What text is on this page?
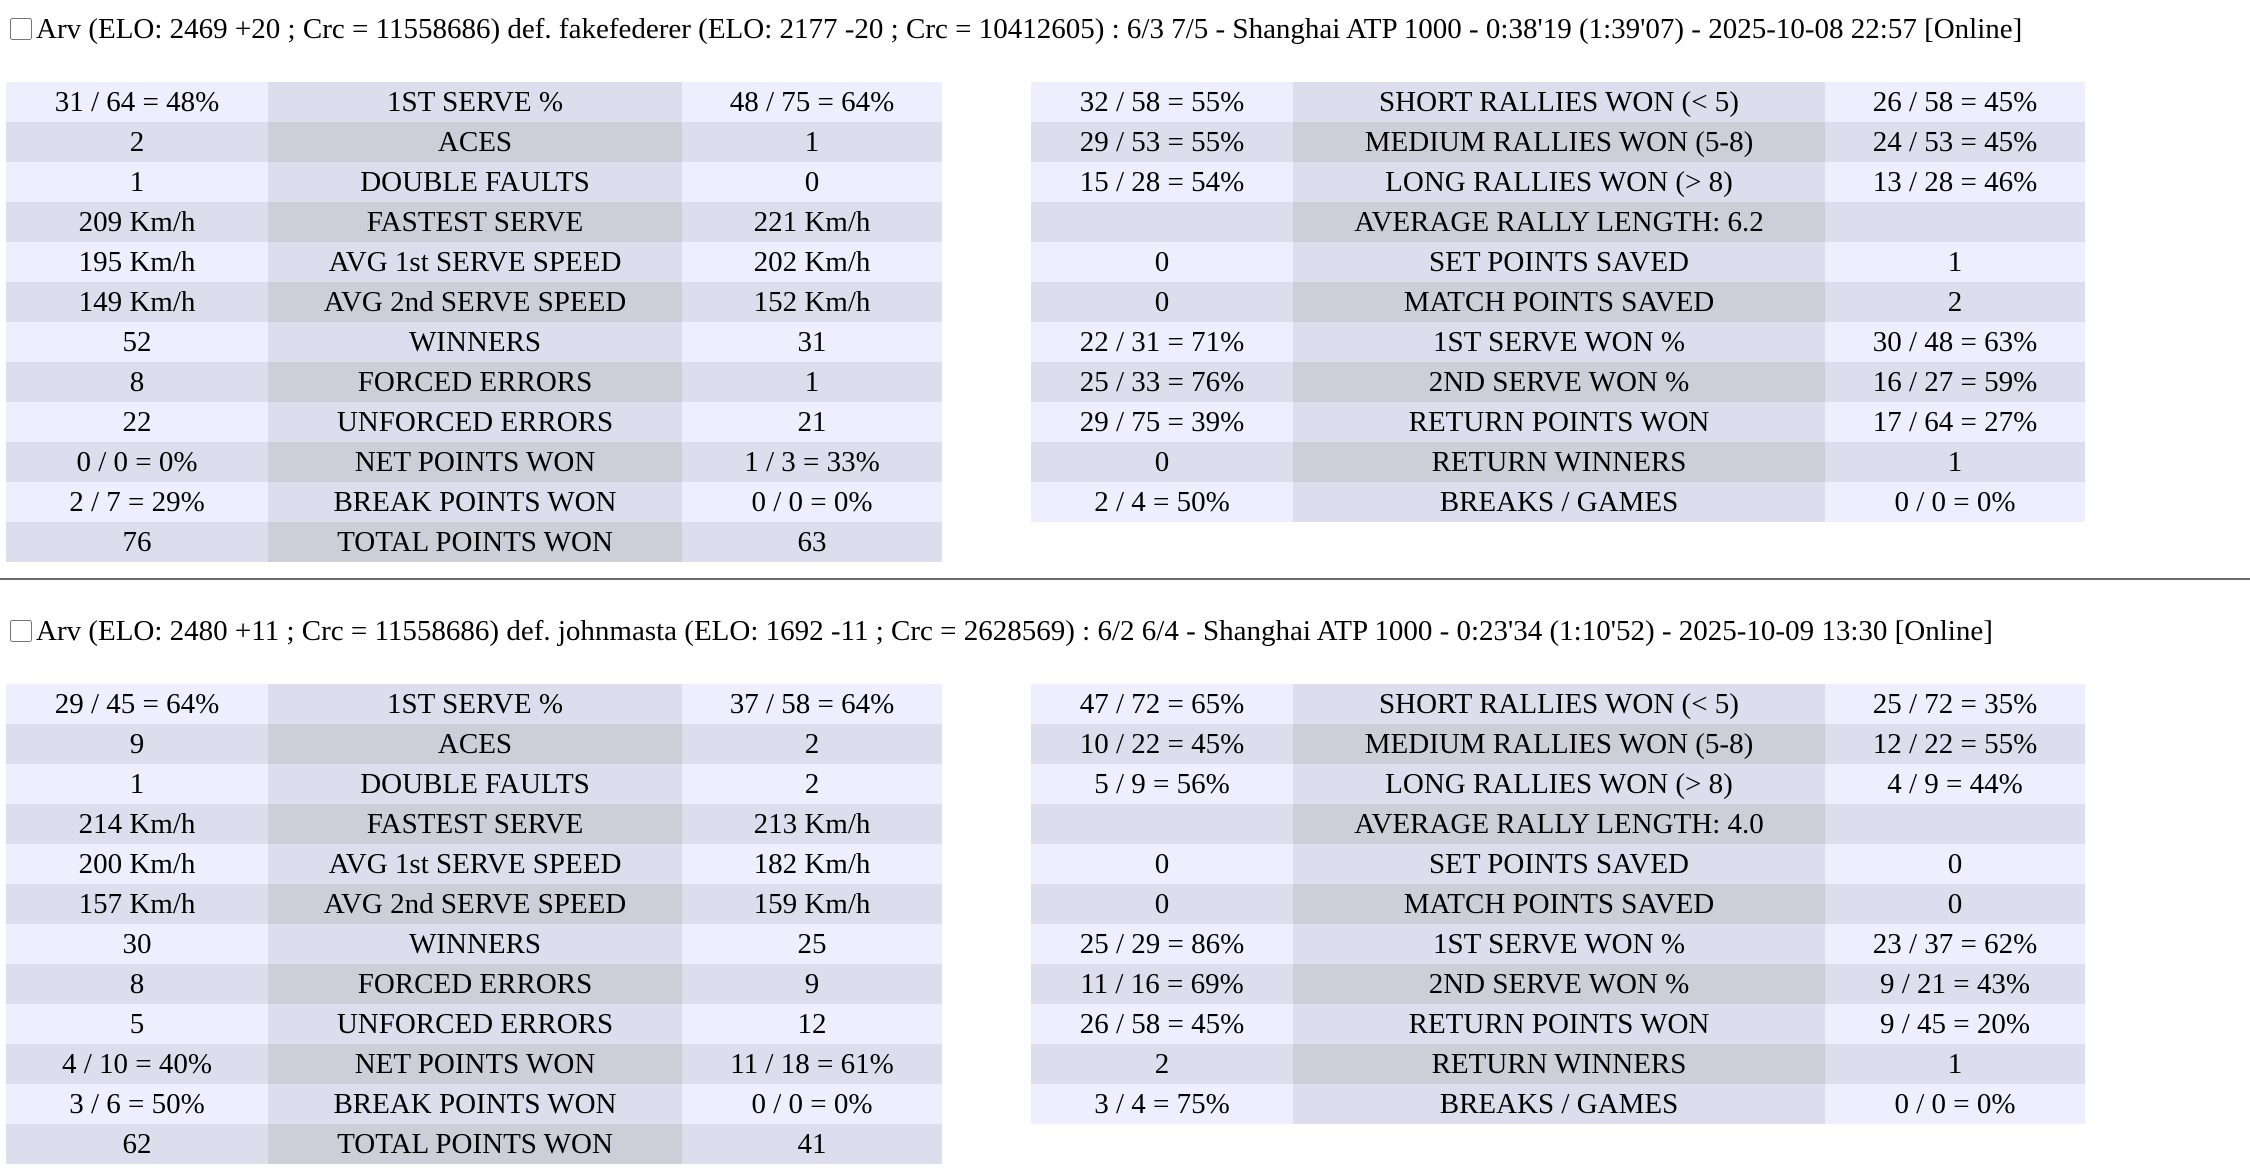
Arv (ELO: 2469 +20 ; Crc = 11558686) def. fakefederer (ELO: 2177 -20 ; Crc = 10412605) : 6/3 7/5 - Shanghai ATP 1000 - 0:38'19 (1:39'07) - 2025-10-08 22:57 [Online]
31 / 64 = 48%	1ST SERVE %	48 / 75 = 64%
2	ACES	1
1	DOUBLE FAULTS	0
209 Km/h	FASTEST SERVE	221 Km/h
195 Km/h	AVG 1st SERVE SPEED	202 Km/h
149 Km/h	AVG 2nd SERVE SPEED	152 Km/h
52	WINNERS	31
8	FORCED ERRORS	1
22	UNFORCED ERRORS	21
0 / 0 = 0%	NET POINTS WON	1 / 3 = 33%
2 / 7 = 29%	BREAK POINTS WON	0 / 0 = 0%
76	TOTAL POINTS WON	63
32 / 58 = 55%	SHORT RALLIES WON (< 5)	26 / 58 = 45%
29 / 53 = 55%	MEDIUM RALLIES WON (5-8)	24 / 53 = 45%
15 / 28 = 54%	LONG RALLIES WON (> 8)	13 / 28 = 46%
	AVERAGE RALLY LENGTH: 6.2	
0	SET POINTS SAVED	1
0	MATCH POINTS SAVED	2
22 / 31 = 71%	1ST SERVE WON %	30 / 48 = 63%
25 / 33 = 76%	2ND SERVE WON %	16 / 27 = 59%
29 / 75 = 39%	RETURN POINTS WON	17 / 64 = 27%
0	RETURN WINNERS	1
2 / 4 = 50%	BREAKS / GAMES	0 / 0 = 0%
Arv (ELO: 2480 +11 ; Crc = 11558686) def. johnmasta (ELO: 1692 -11 ; Crc = 2628569) : 6/2 6/4 - Shanghai ATP 1000 - 0:23'34 (1:10'52) - 2025-10-09 13:30 [Online]
29 / 45 = 64%	1ST SERVE %	37 / 58 = 64%
9	ACES	2
1	DOUBLE FAULTS	2
214 Km/h	FASTEST SERVE	213 Km/h
200 Km/h	AVG 1st SERVE SPEED	182 Km/h
157 Km/h	AVG 2nd SERVE SPEED	159 Km/h
30	WINNERS	25
8	FORCED ERRORS	9
5	UNFORCED ERRORS	12
4 / 10 = 40%	NET POINTS WON	11 / 18 = 61%
3 / 6 = 50%	BREAK POINTS WON	0 / 0 = 0%
62	TOTAL POINTS WON	41
47 / 72 = 65%	SHORT RALLIES WON (< 5)	25 / 72 = 35%
10 / 22 = 45%	MEDIUM RALLIES WON (5-8)	12 / 22 = 55%
5 / 9 = 56%	LONG RALLIES WON (> 8)	4 / 9 = 44%
	AVERAGE RALLY LENGTH: 4.0	
0	SET POINTS SAVED	0
0	MATCH POINTS SAVED	0
25 / 29 = 86%	1ST SERVE WON %	23 / 37 = 62%
11 / 16 = 69%	2ND SERVE WON %	9 / 21 = 43%
26 / 58 = 45%	RETURN POINTS WON	9 / 45 = 20%
2	RETURN WINNERS	1
3 / 4 = 75%	BREAKS / GAMES	0 / 0 = 0%
